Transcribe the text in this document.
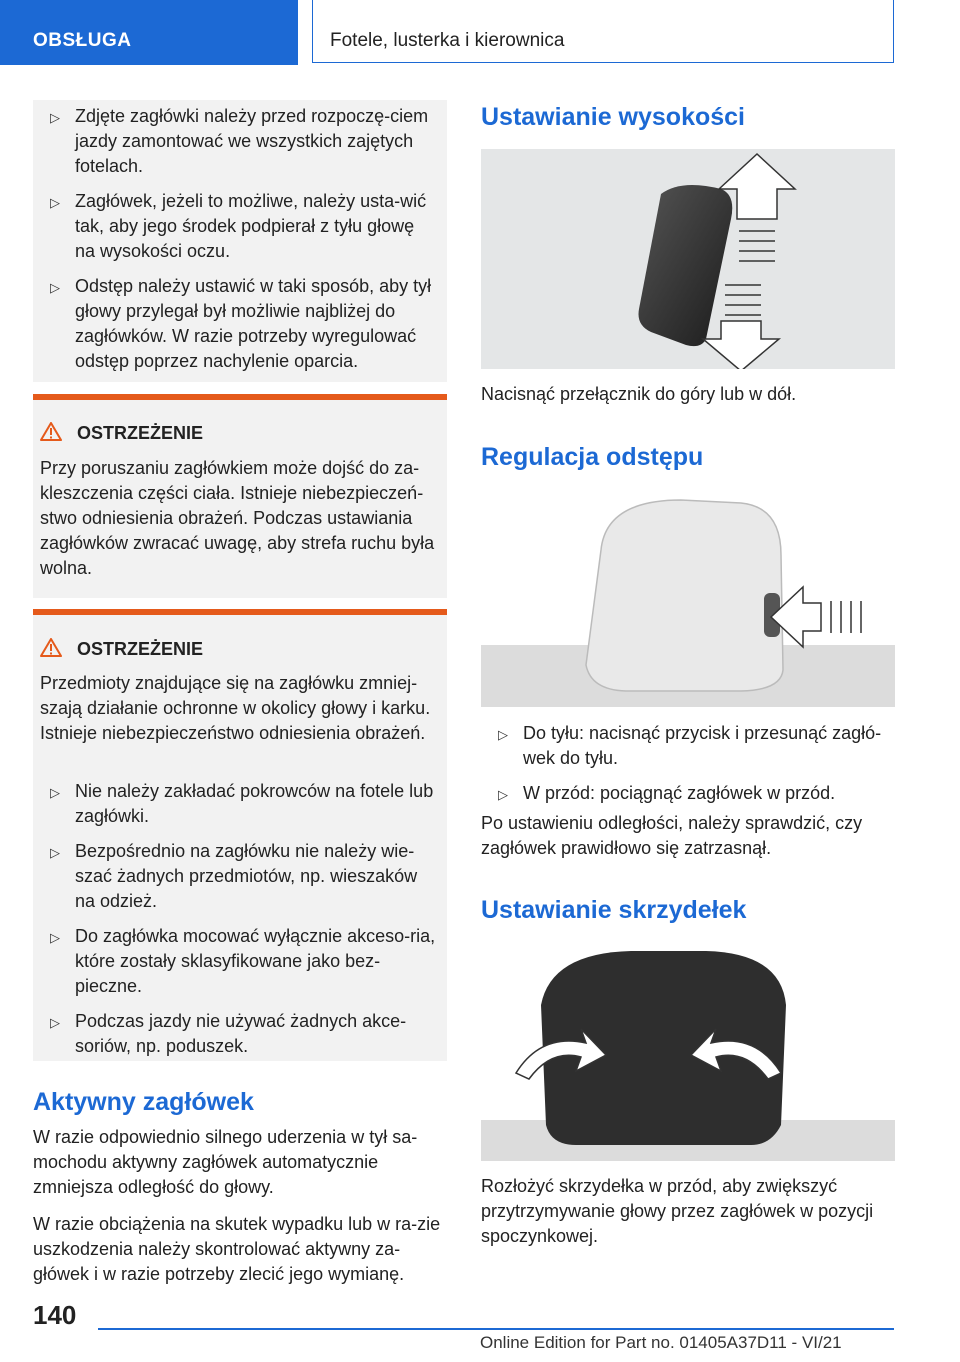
OBSŁUGA	Fotele, lusterka i kierownica
▷ Zdjęte zagłówki należy przed rozpoczę-ciem jazdy zamontować we wszystkich zajętych fotelach.
▷ Zagłówek, jeżeli to możliwe, należy usta-wić tak, aby jego środek podpierał z tyłu głowę na wysokości oczu.
▷ Odstęp należy ustawić w taki sposób, aby tył głowy przylegał był możliwie najbliżej do zagłówków. W razie potrzeby wyregulować odstęp poprzez nachylenie oparcia.
OSTRZEŻENIE

Przy poruszaniu zagłówkiem może dojść do za-kleszczenia części ciała. Istnieje niebezpieczeń-stwo odniesienia obrażeń. Podczas ustawiania zagłówków zwracać uwagę, aby strefa ruchu była wolna.

OSTRZEŻENIE

Przedmioty znajdujące się na zagłówku zmniej-szają działanie ochronne w okolicy głowy i karku. Istnieje niebezpieczeństwo odniesienia obrażeń.

▷ Nie należy zakładać pokrowców na fotele lub zagłówki.
▷ Bezpośrednio na zagłówku nie należy wie-szać żadnych przedmiotów, np. wieszaków na odzież.
▷ Do zagłówka mocować wyłącznie akceso-ria, które zostały sklasyfikowane jako bez-pieczne.
▷ Podczas jazdy nie używać żadnych akce-soriów, np. poduszek.
Aktywny zagłówek

W razie odpowiednio silnego uderzenia w tył sa-mochodu aktywny zagłówek automatycznie zmniejsza odległość do głowy.

W razie obciążenia na skutek wypadku lub w ra-zie uszkodzenia należy skontrolować aktywny za-główek i w razie potrzeby zlecić jego wymianę.

Ustawianie wysokości

Nacisnąć przełącznik do góry lub w dół.

Regulacja odstępu
▷ Do tyłu: nacisnąć przycisk i przesunąć zagłó-wek do tyłu.
▷ W przód: pociągnąć zagłówek w przód.

Po ustawieniu odległości, należy sprawdzić, czy zagłówek prawidłowo się zatrzasnął.

Ustawianie skrzydełek

Rozłożyć skrzydełka w przód, aby zwiększyć przytrzymywanie głowy przez zagłówek w pozycji spoczynkowej.

140
Online Edition for Part no. 01405A37D11 - VI/21
